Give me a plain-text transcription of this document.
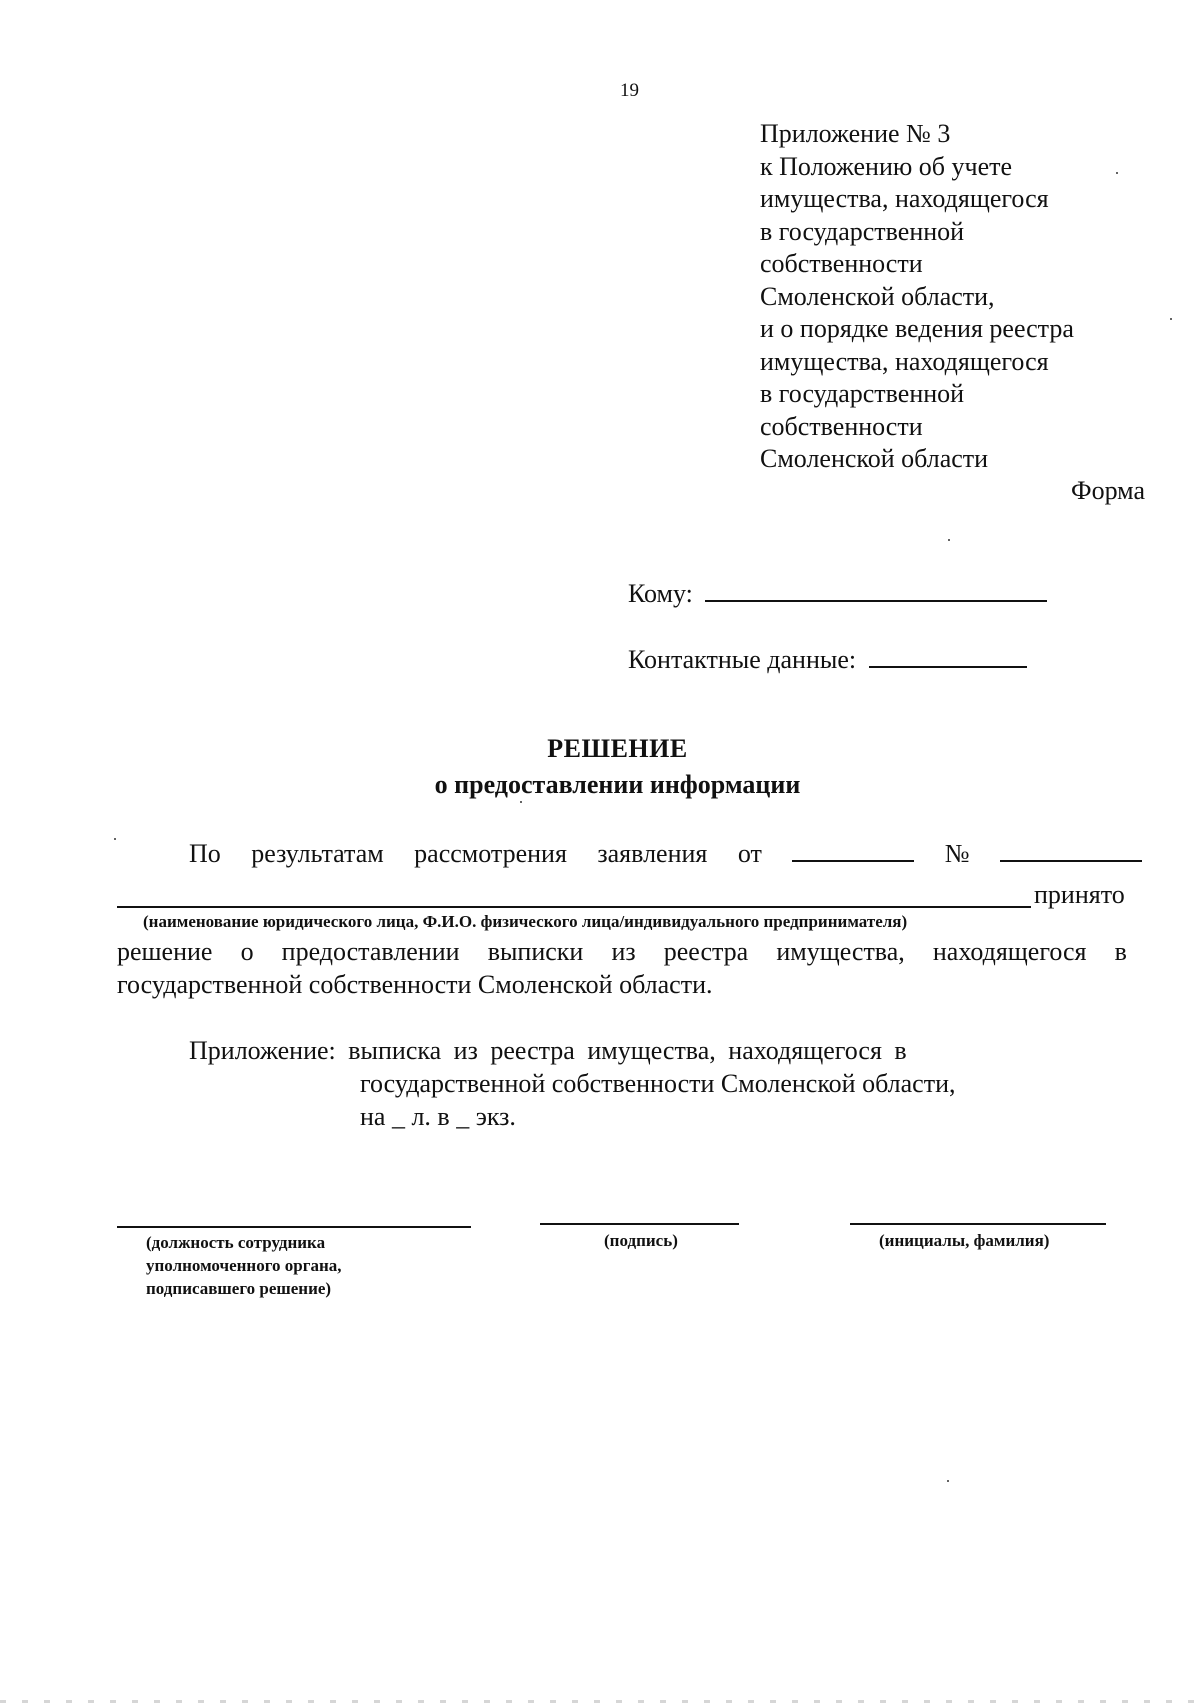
19
Приложение № 3
к Положению об учете
имущества, находящегося
в государственной
собственности
Смоленской области,
и о порядке ведения реестра
имущества, находящегося
в государственной
собственности
Смоленской области
Форма
Кому:
Контактные данные:
РЕШЕНИЕ
о предоставлении информации
По результатам рассмотрения заявления от	№
принято
(наименование юридического лица, Ф.И.О. физического лица/индивидуального предпринимателя)
решение о предоставлении выписки из реестра имущества, находящегося в
государственной собственности Смоленской области.
Приложение: выписка из реестра имущества, находящегося в
государственной собственности Смоленской области,
на _ л. в _ экз.
(должность сотрудника
уполномоченного органа,
подписавшего решение)
(подпись)	(инициалы, фамилия)
